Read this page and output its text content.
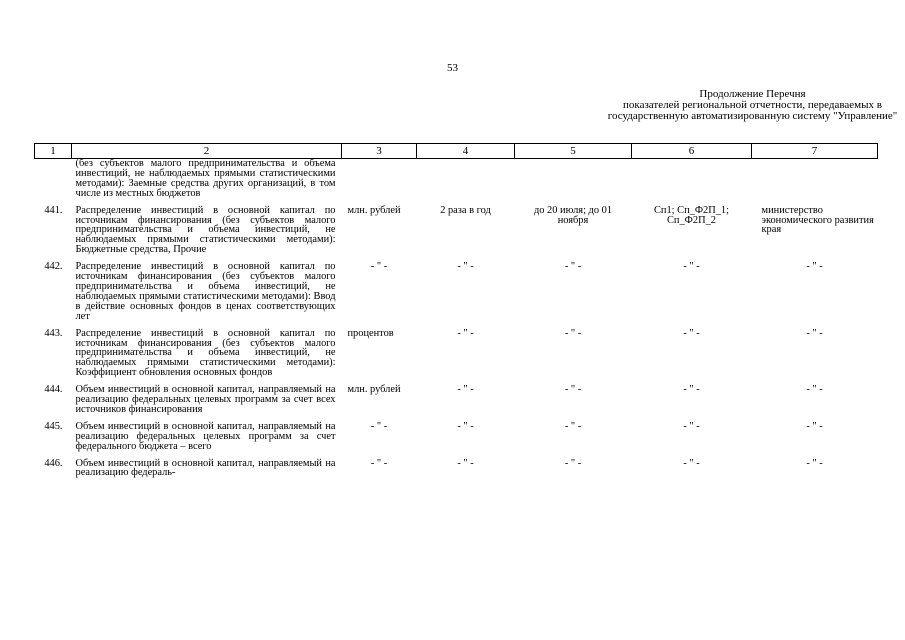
53
Продолжение Перечня
показателей региональной отчетности, передаваемых в государственную автоматизированную систему "Управление"
1	2	3	4	5	6	7
	(без субъектов малого предпринимательства и объема инвестиций, не наблюдаемых прямыми статистическими методами): Заемные средства других организаций, в том числе из местных бюджетов					
441.	Распределение инвестиций в основной капитал по источникам финансирования (без субъектов малого предпринимательства и объема инвестиций, не наблюдаемых прямыми статистическими методами): Бюджетные средства, Прочие	млн. рублей	2 раза в год	до 20 июля; до 01 ноября	Сп1; Сп_Ф2П_1; Сп_Ф2П_2	министерство экономического развития края
442.	Распределение инвестиций в основной капитал по источникам финансирования (без субъектов малого предпринимательства и объема инвестиций, не наблюдаемых прямыми статистическими методами): Ввод в действие основных фондов в ценах соответствующих лет	- " -	- " -	- " -	- " -	- " -
443.	Распределение инвестиций в основной капитал по источникам финансирования (без субъектов малого предпринимательства и объема инвестиций, не наблюдаемых прямыми статистическими методами): Коэффициент обновления основных фондов	процентов	- " -	- " -	- " -	- " -
444.	Объем инвестиций в основной капитал, направляемый на реализацию федеральных целевых программ за счет всех источников финансирования	млн. рублей	- " -	- " -	- " -	- " -
445.	Объем инвестиций в основной капитал, направляемый на реализацию федеральных целевых программ за счет федерального бюджета – всего	- " -	- " -	- " -	- " -	- " -
446.	Объем инвестиций в основной капитал, направляемый на реализацию федераль-	- " -	- " -	- " -	- " -	- " -
